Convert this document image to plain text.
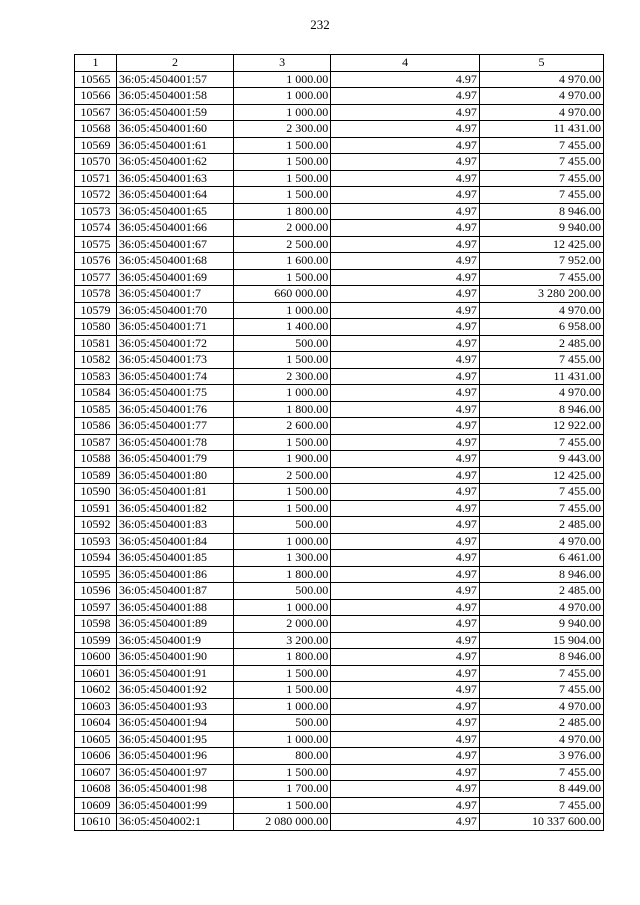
232
1	2	3	4	5
10565	36:05:4504001:57	1 000.00	4.97	4 970.00
10566	36:05:4504001:58	1 000.00	4.97	4 970.00
10567	36:05:4504001:59	1 000.00	4.97	4 970.00
10568	36:05:4504001:60	2 300.00	4.97	11 431.00
10569	36:05:4504001:61	1 500.00	4.97	7 455.00
10570	36:05:4504001:62	1 500.00	4.97	7 455.00
10571	36:05:4504001:63	1 500.00	4.97	7 455.00
10572	36:05:4504001:64	1 500.00	4.97	7 455.00
10573	36:05:4504001:65	1 800.00	4.97	8 946.00
10574	36:05:4504001:66	2 000.00	4.97	9 940.00
10575	36:05:4504001:67	2 500.00	4.97	12 425.00
10576	36:05:4504001:68	1 600.00	4.97	7 952.00
10577	36:05:4504001:69	1 500.00	4.97	7 455.00
10578	36:05:4504001:7	660 000.00	4.97	3 280 200.00
10579	36:05:4504001:70	1 000.00	4.97	4 970.00
10580	36:05:4504001:71	1 400.00	4.97	6 958.00
10581	36:05:4504001:72	500.00	4.97	2 485.00
10582	36:05:4504001:73	1 500.00	4.97	7 455.00
10583	36:05:4504001:74	2 300.00	4.97	11 431.00
10584	36:05:4504001:75	1 000.00	4.97	4 970.00
10585	36:05:4504001:76	1 800.00	4.97	8 946.00
10586	36:05:4504001:77	2 600.00	4.97	12 922.00
10587	36:05:4504001:78	1 500.00	4.97	7 455.00
10588	36:05:4504001:79	1 900.00	4.97	9 443.00
10589	36:05:4504001:80	2 500.00	4.97	12 425.00
10590	36:05:4504001:81	1 500.00	4.97	7 455.00
10591	36:05:4504001:82	1 500.00	4.97	7 455.00
10592	36:05:4504001:83	500.00	4.97	2 485.00
10593	36:05:4504001:84	1 000.00	4.97	4 970.00
10594	36:05:4504001:85	1 300.00	4.97	6 461.00
10595	36:05:4504001:86	1 800.00	4.97	8 946.00
10596	36:05:4504001:87	500.00	4.97	2 485.00
10597	36:05:4504001:88	1 000.00	4.97	4 970.00
10598	36:05:4504001:89	2 000.00	4.97	9 940.00
10599	36:05:4504001:9	3 200.00	4.97	15 904.00
10600	36:05:4504001:90	1 800.00	4.97	8 946.00
10601	36:05:4504001:91	1 500.00	4.97	7 455.00
10602	36:05:4504001:92	1 500.00	4.97	7 455.00
10603	36:05:4504001:93	1 000.00	4.97	4 970.00
10604	36:05:4504001:94	500.00	4.97	2 485.00
10605	36:05:4504001:95	1 000.00	4.97	4 970.00
10606	36:05:4504001:96	800.00	4.97	3 976.00
10607	36:05:4504001:97	1 500.00	4.97	7 455.00
10608	36:05:4504001:98	1 700.00	4.97	8 449.00
10609	36:05:4504001:99	1 500.00	4.97	7 455.00
10610	36:05:4504002:1	2 080 000.00	4.97	10 337 600.00
